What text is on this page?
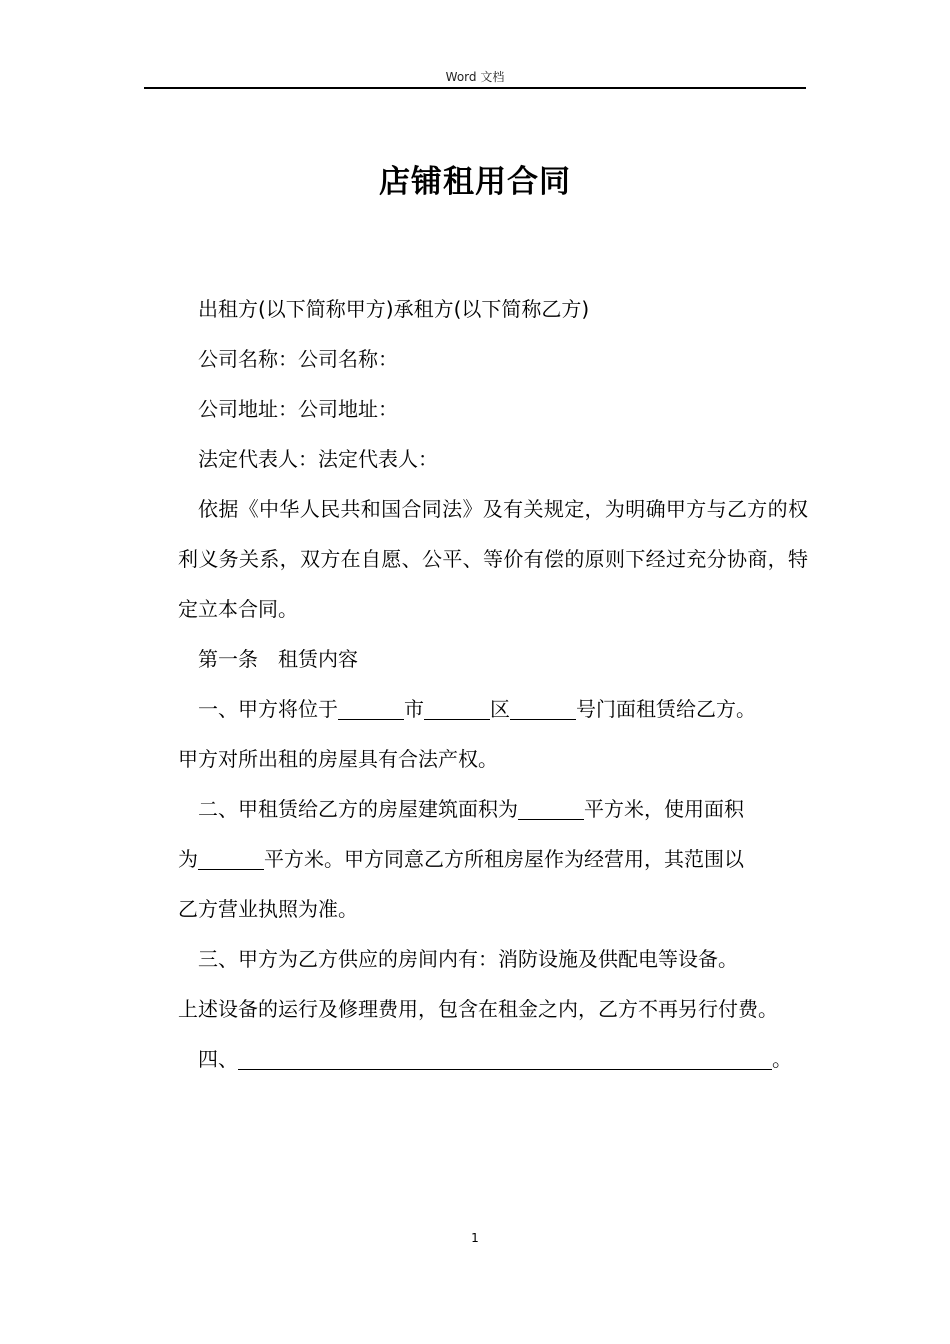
Word 文档
店铺租用合同

出租方(以下简称甲方)承租方(以下简称乙方)

公司名称：公司名称：

公司地址：公司地址：

法定代表人：法定代表人：

依据《中华人民共和国合同法》及有关规定，为明确甲方与乙方的权利义务关系，双方在自愿、公平、等价有偿的原则下经过充分协商，特定立本合同。

第一条　租赁内容

一、甲方将位于	市	区	号门面租赁给乙方。

甲方对所出租的房屋具有合法产权。

二、甲租赁给乙方的房屋建筑面积为	平方米，使用面积

为	平方米。甲方同意乙方所租房屋作为经营用，其范围以

乙方营业执照为准。

三、甲方为乙方供应的房间内有：消防设施及供配电等设备。

上述设备的运行及修理费用，包含在租金之内，乙方不再另行付费。

四、	。

1
